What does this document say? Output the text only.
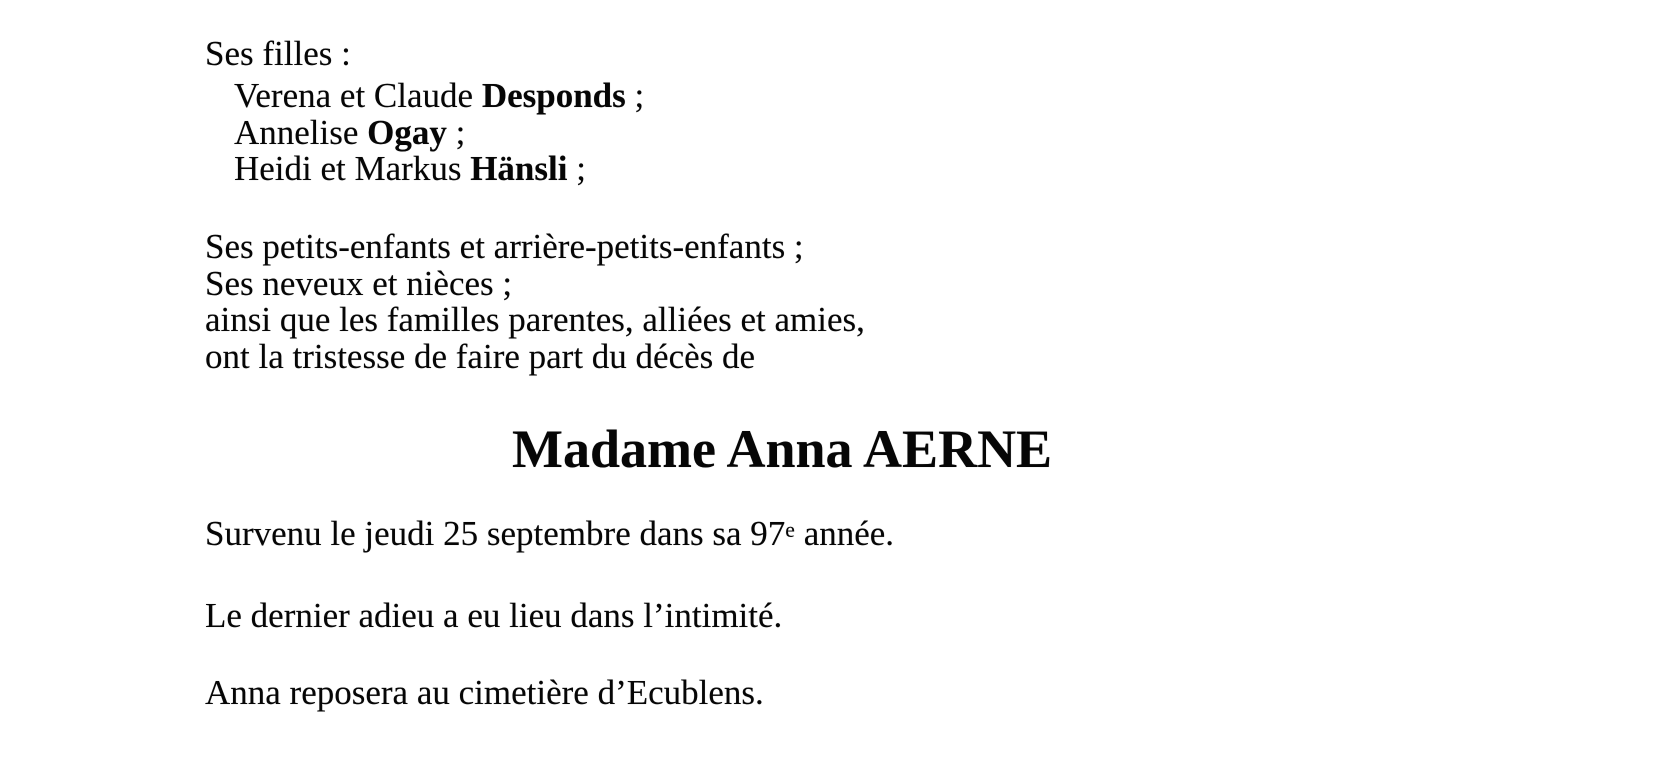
Ses filles :
Verena et Claude Desponds ;
Annelise Ogay ;
Heidi et Markus Hänsli ;
Ses petits-enfants et arrière-petits-enfants ;
Ses neveux et nièces ;
ainsi que les familles parentes, alliées et amies,
ont la tristesse de faire part du décès de
Madame Anna AERNE
Survenu le jeudi 25 septembre dans sa 97e année.
Le dernier adieu a eu lieu dans l’intimité.
Anna reposera au cimetière d’Ecublens.
